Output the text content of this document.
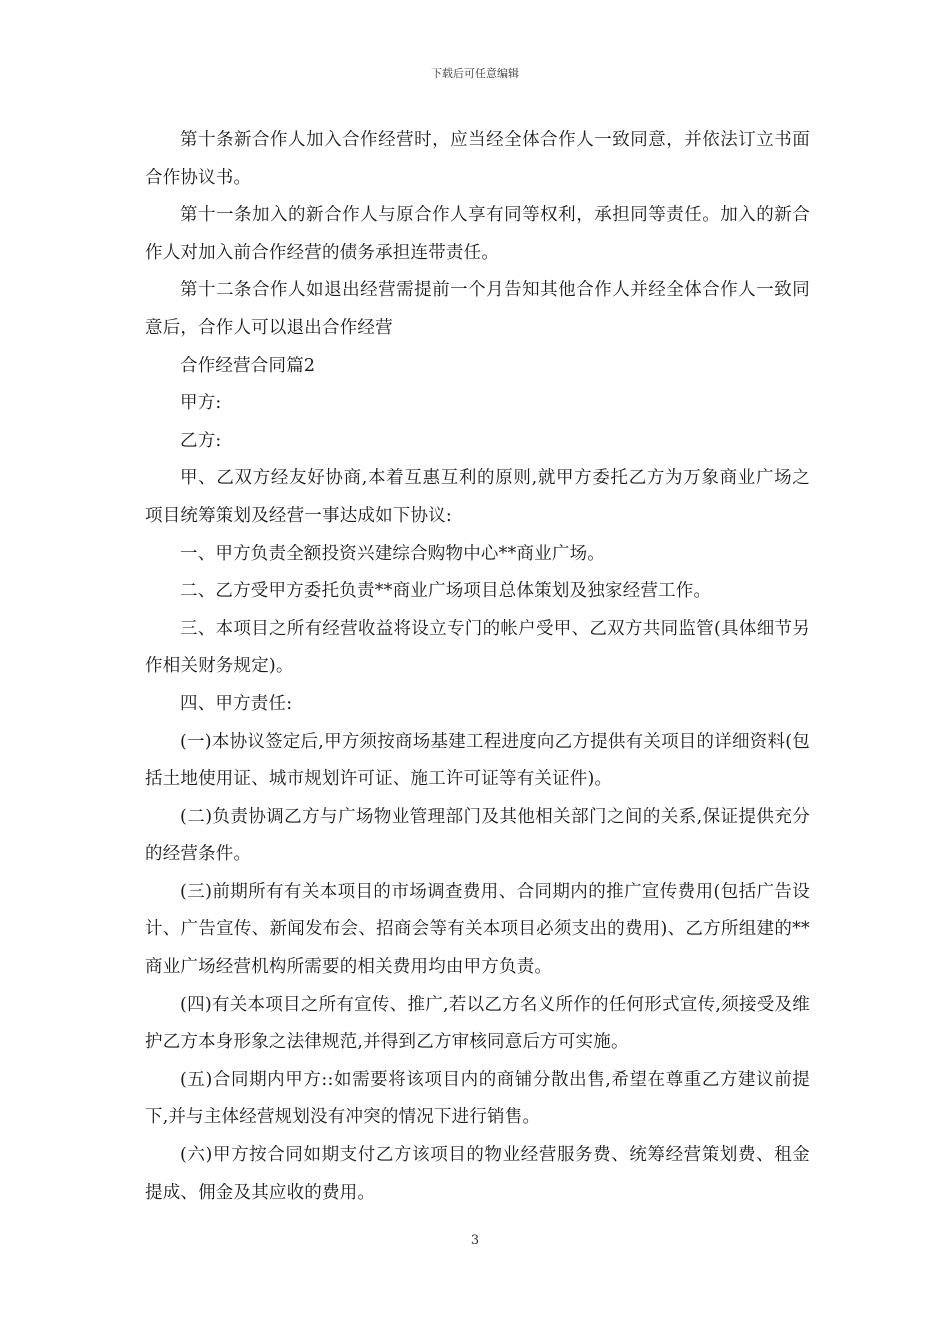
下载后可任意编辑

第十条新合作人加入合作经营时，应当经全体合作人一致同意，并依法订立书面合作协议书。

第十一条加入的新合作人与原合作人享有同等权利，承担同等责任。加入的新合作人对加入前合作经营的债务承担连带责任。

第十二条合作人如退出经营需提前一个月告知其他合作人并经全体合作人一致同意后，合作人可以退出合作经营

合作经营合同篇2

甲方:

乙方:

甲、乙双方经友好协商,本着互惠互利的原则,就甲方委托乙方为万象商业广场之项目统筹策划及经营一事达成如下协议:

一、甲方负责全额投资兴建综合购物中心**商业广场。

二、乙方受甲方委托负责**商业广场项目总体策划及独家经营工作。

三、本项目之所有经营收益将设立专门的帐户受甲、乙双方共同监管(具体细节另作相关财务规定)。

四、甲方责任:

(一)本协议签定后,甲方须按商场基建工程进度向乙方提供有关项目的详细资料(包括土地使用证、城市规划许可证、施工许可证等有关证件)。

(二)负责协调乙方与广场物业管理部门及其他相关部门之间的关系,保证提供充分的经营条件。

(三)前期所有有关本项目的市场调查费用、合同期内的推广宣传费用(包括广告设计、广告宣传、新闻发布会、招商会等有关本项目必须支出的费用)、乙方所组建的**商业广场经营机构所需要的相关费用均由甲方负责。

(四)有关本项目之所有宣传、推广,若以乙方名义所作的任何形式宣传,须接受及维护乙方本身形象之法律规范,并得到乙方审核同意后方可实施。

(五)合同期内甲方::如需要将该项目内的商铺分散出售,希望在尊重乙方建议前提下,并与主体经营规划没有冲突的情况下进行销售。

(六)甲方按合同如期支付乙方该项目的物业经营服务费、统筹经营策划费、租金提成、佣金及其应收的费用。

3
